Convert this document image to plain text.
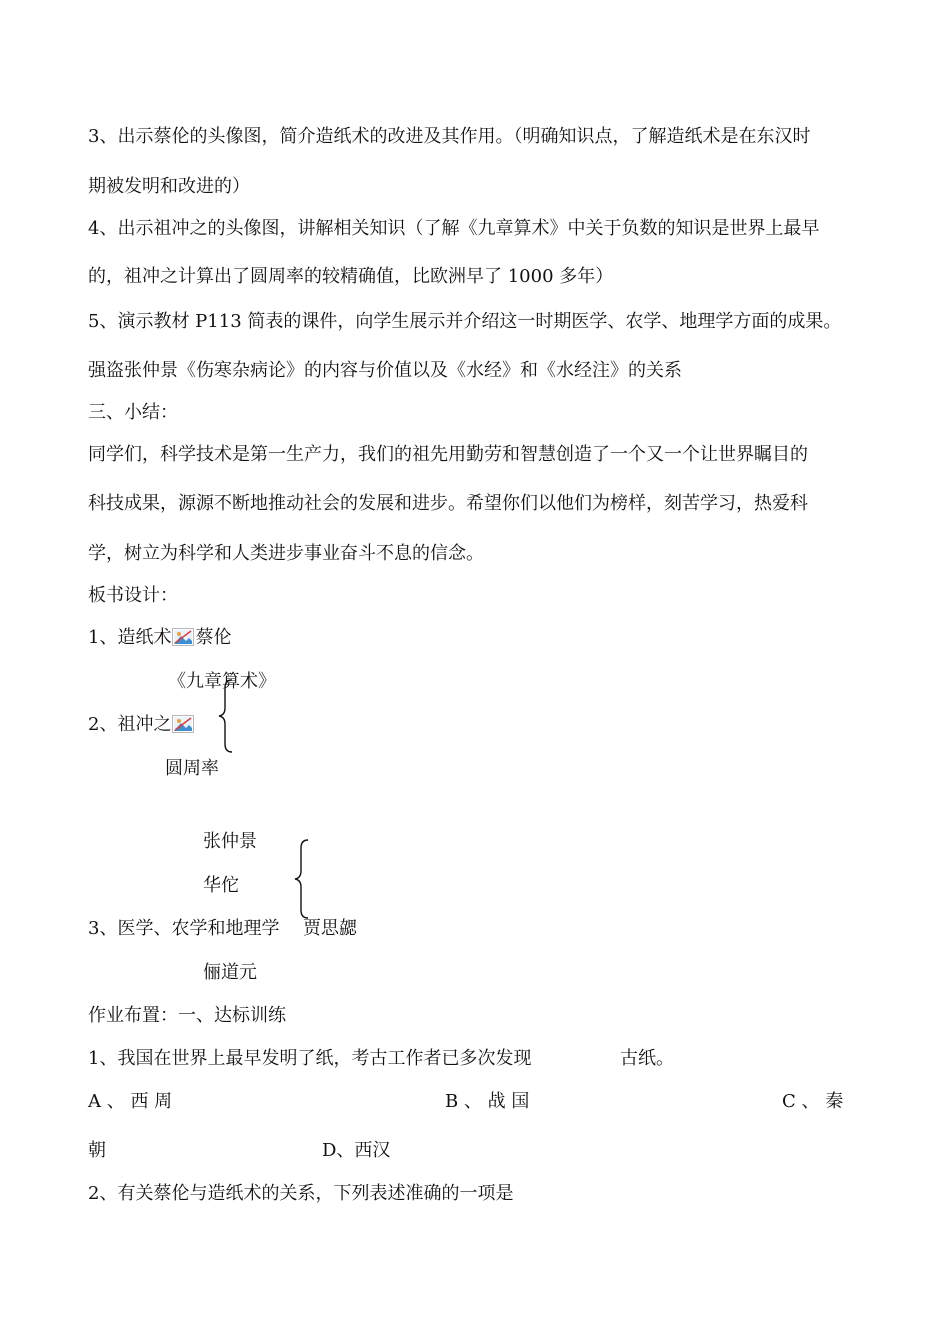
3、出示蔡伦的头像图，简介造纸术的改进及其作用。（明确知识点，了解造纸术是在东汉时
期被发明和改进的）
4、出示祖冲之的头像图，讲解相关知识（了解《九章算术》中关于负数的知识是世界上最早
的，祖冲之计算出了圆周率的较精确值，比欧洲早了 1000 多年）
5、演示教材 P113 简表的课件，向学生展示并介绍这一时期医学、农学、地理学方面的成果。
强盗张仲景《伤寒杂病论》的内容与价值以及《水经》和《水经注》的关系
三、小结：
同学们，科学技术是第一生产力，我们的祖先用勤劳和智慧创造了一个又一个让世界瞩目的
科技成果，源源不断地推动社会的发展和进步。希望你们以他们为榜样，刻苦学习，热爱科
学，树立为科学和人类进步事业奋斗不息的信念。
板书设计：
1、造纸术 蔡伦
《九章算术》
2、祖冲之
圆周率
张仲景
华佗
3、医学、农学和地理学 贾思勰
俪道元
作业布置：一、达标训练
1、我国在世界上最早发明了纸，考古工作者已多次发现	古纸。
A 、 西 周	B 、 战 国	C 、 秦
朝	D、西汉
2、有关蔡伦与造纸术的关系，下列表述准确的一项是
